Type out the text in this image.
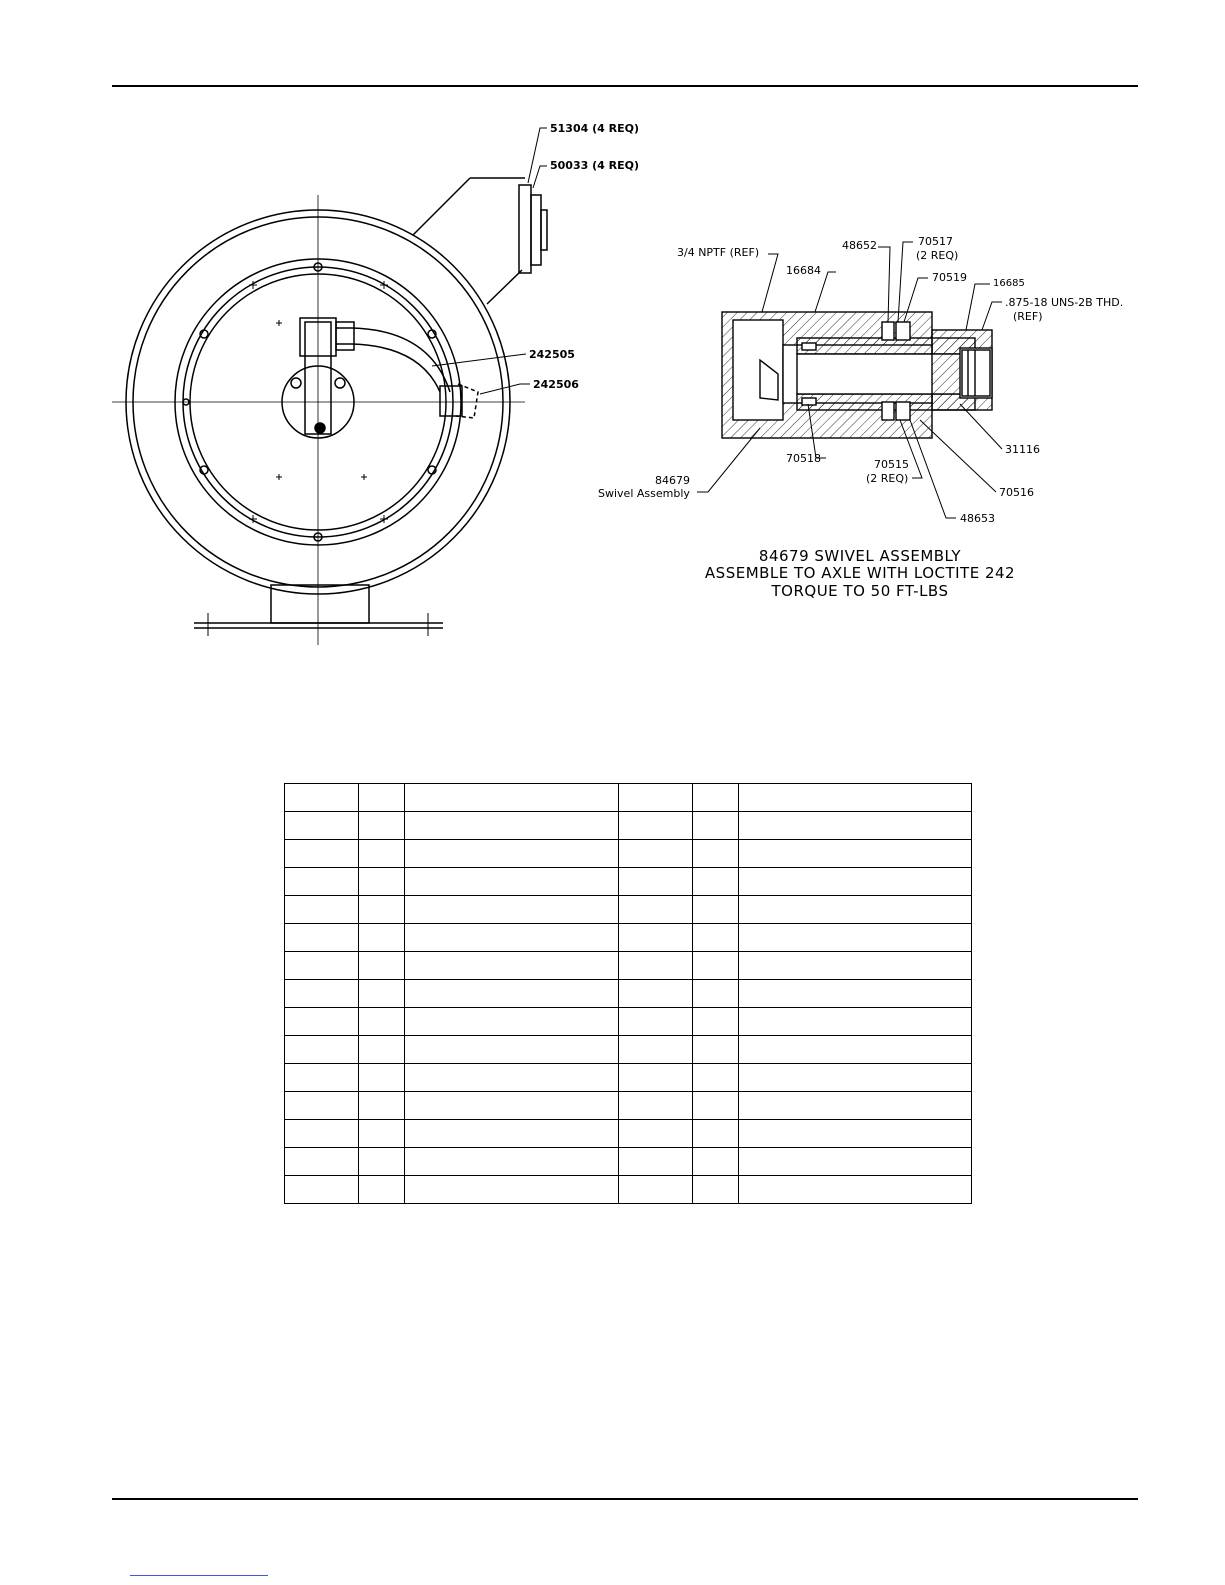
51304 (4 REQ)
50033 (4 REQ)
242505
242506
3/4 NPTF (REF)
16684
48652	70517
(2 REQ)
70519	16685
.875-18 UNS-2B THD.
(REF)
31116
70518	70515
(2 REQ)
70516
48653
84679
Swivel Assembly
84679 SWIVEL ASSEMBLY
ASSEMBLE TO AXLE WITH LOCTITE 242
TORQUE TO 50 FT-LBS
